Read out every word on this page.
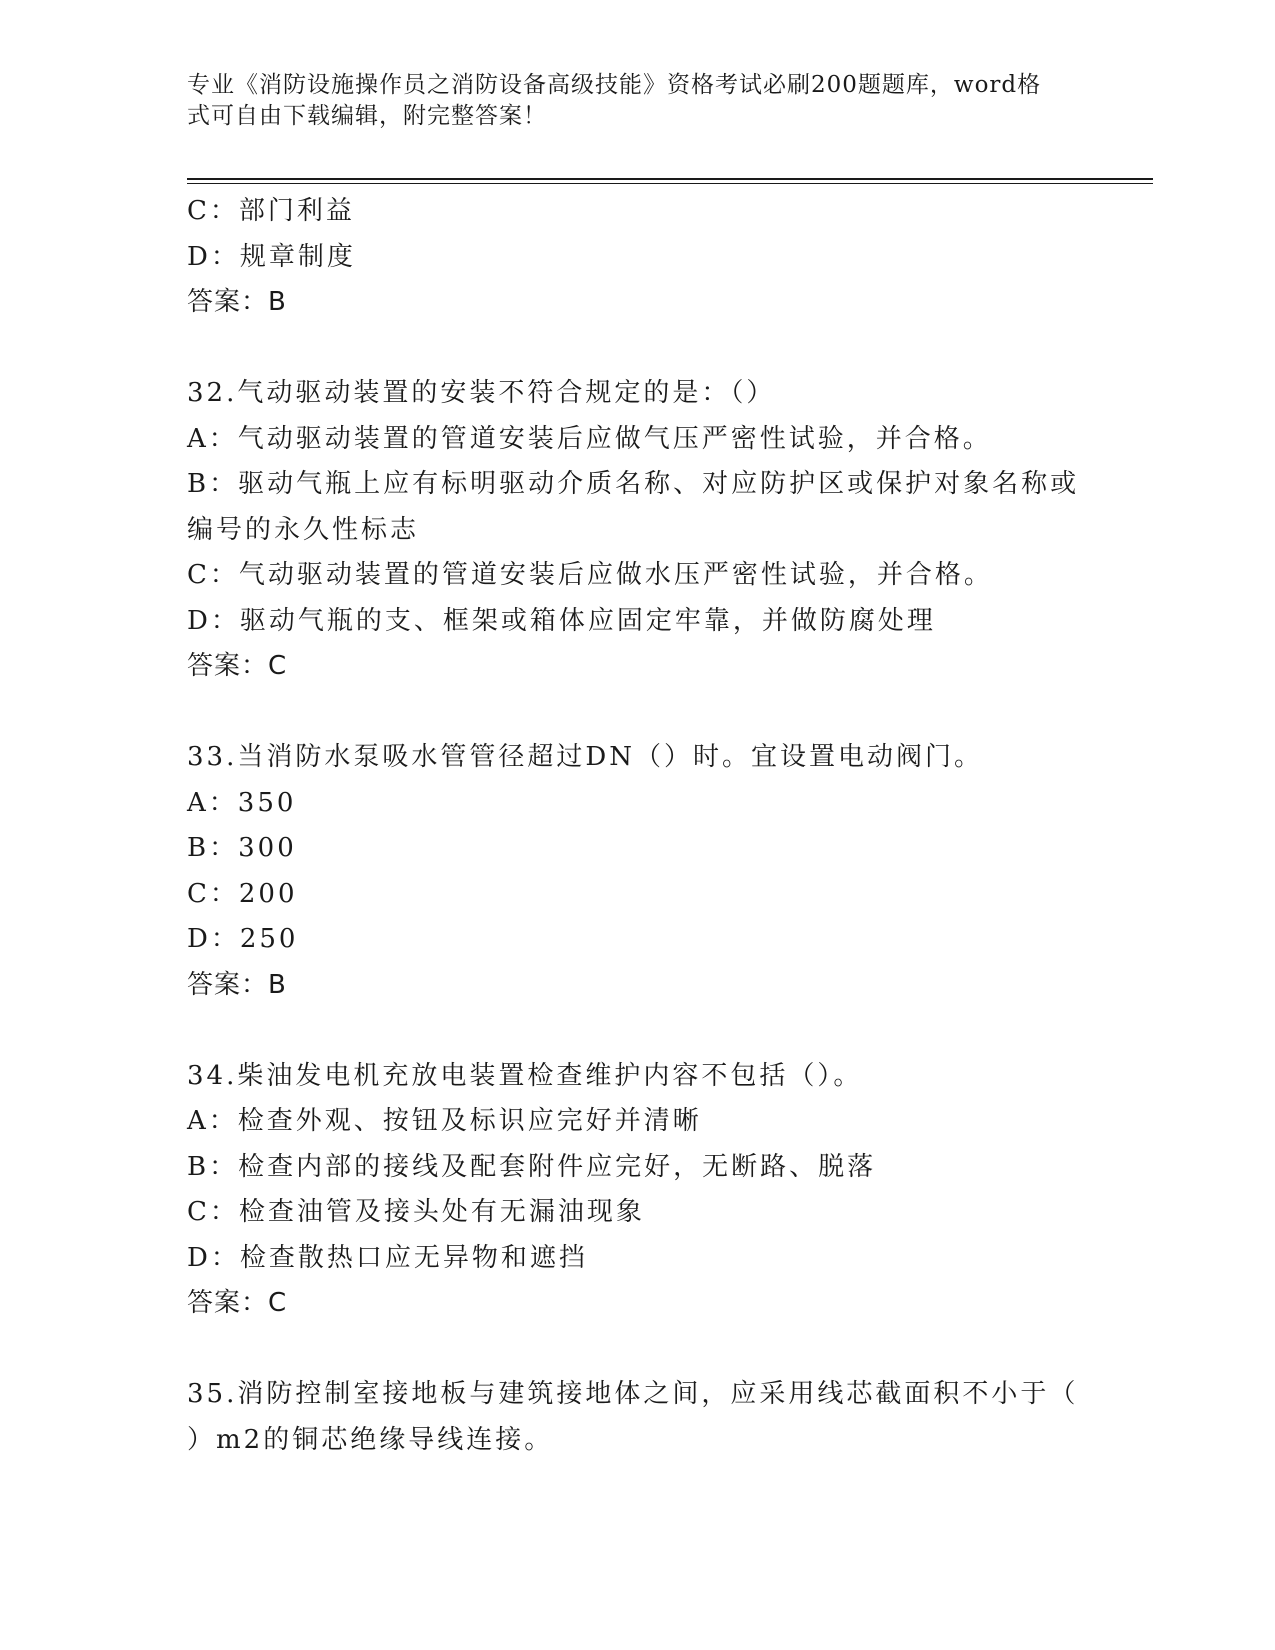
专业《消防设施操作员之消防设备高级技能》资格考试必刷200题题库，word格
式可自由下载编辑，附完整答案！
C：部门利益
D：规章制度
答案：B
32.气动驱动装置的安装不符合规定的是：（）
A：气动驱动装置的管道安装后应做气压严密性试验，并合格。
B：驱动气瓶上应有标明驱动介质名称、对应防护区或保护对象名称或
编号的永久性标志
C：气动驱动装置的管道安装后应做水压严密性试验，并合格。
D：驱动气瓶的支、框架或箱体应固定牢靠，并做防腐处理
答案：C
33.当消防水泵吸水管管径超过DN（）时。宜设置电动阀门。
A：350
B：300
C：200
D：250
答案：B
34.柴油发电机充放电装置检查维护内容不包括（）。
A：检查外观、按钮及标识应完好并清晰
B：检查内部的接线及配套附件应完好，无断路、脱落
C：检查油管及接头处有无漏油现象
D：检查散热口应无异物和遮挡
答案：C
35.消防控制室接地板与建筑接地体之间，应采用线芯截面积不小于（
）m2的铜芯绝缘导线连接。
